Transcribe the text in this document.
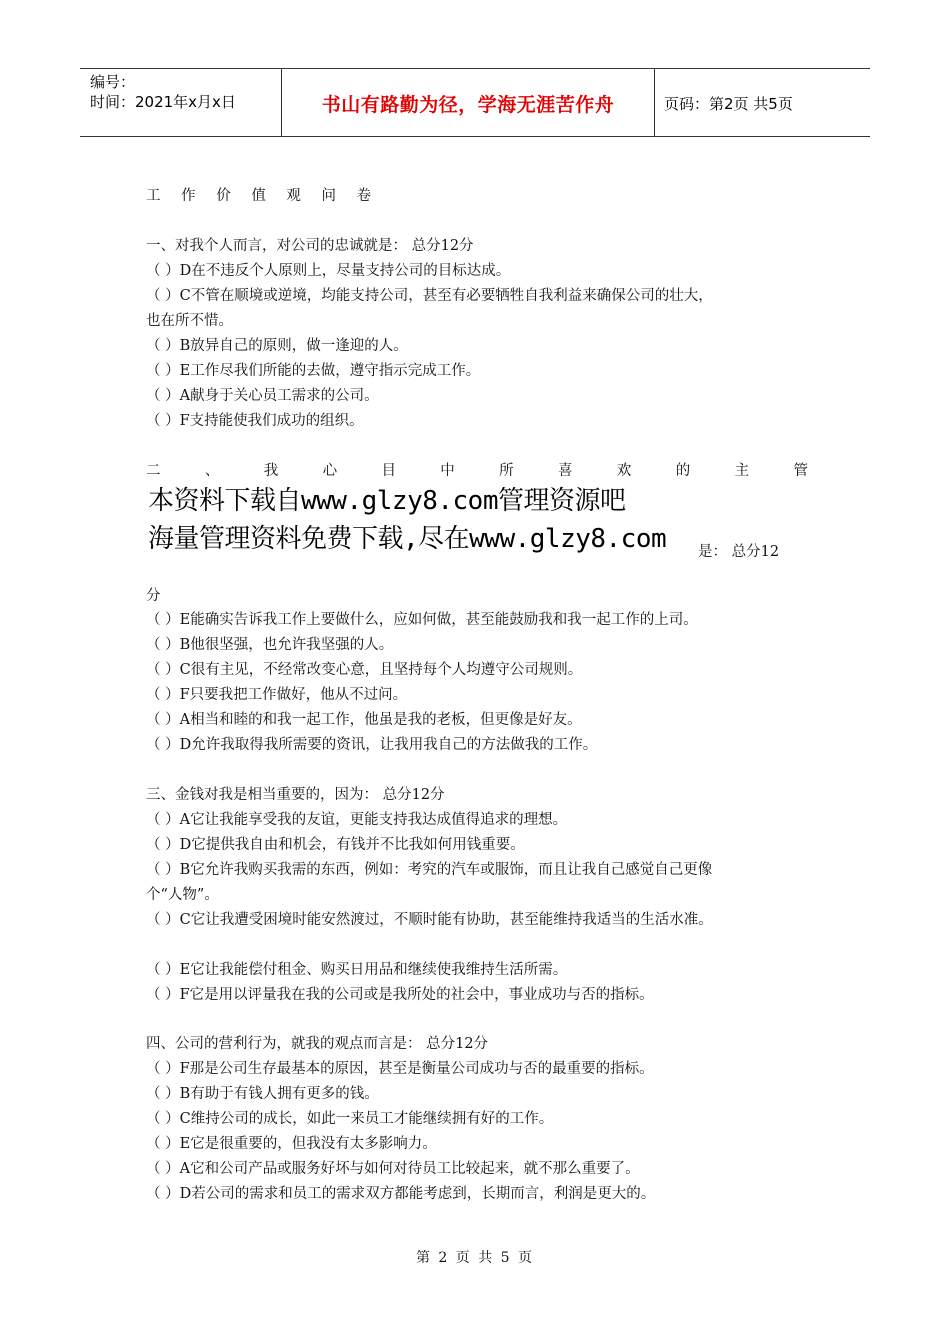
编号：
时间：2021年x月x日	书山有路勤为径，学海无涯苦作舟	页码：第2页 共5页
工 作 价 值 观 问 卷
一、对我个人而言，对公司的忠诚就是： 总分12分
（ ）D在不违反个人原则上，尽量支持公司的目标达成。
（ ）C不管在顺境或逆境，均能支持公司，甚至有必要牺牲自我利益来确保公司的壮大，
也在所不惜。
（ ）B放异自己的原则，做一逢迎的人。
（ ）E工作尽我们所能的去做，遵守指示完成工作。
（ ）A献身于关心员工需求的公司。
（ ）F支持能使我们成功的组织。
二	、	我	心	目	中	所	喜	欢	的	主	管
是： 总分12
分
（ ）E能确实告诉我工作上要做什么，应如何做，甚至能鼓励我和我一起工作的上司。
（ ）B他很坚强，也允许我坚强的人。
（ ）C很有主见，不经常改变心意，且坚持每个人均遵守公司规则。
（ ）F只要我把工作做好，他从不过问。
（ ）A相当和睦的和我一起工作，他虽是我的老板，但更像是好友。
（ ）D允许我取得我所需要的资讯，让我用我自己的方法做我的工作。
三、金钱对我是相当重要的，因为： 总分12分
（ ）A它让我能享受我的友谊，更能支持我达成值得追求的理想。
（ ）D它提供我自由和机会，有钱并不比我如何用钱重要。
（ ）B它允许我购买我需的东西，例如：考究的汽车或服饰，而且让我自己感觉自己更像
个“人物”。
（ ）C它让我遭受困境时能安然渡过，不顺时能有协助，甚至能维持我适当的生活水准。
（ ）E它让我能偿付租金、购买日用品和继续使我维持生活所需。
（ ）F它是用以评量我在我的公司或是我所处的社会中，事业成功与否的指标。
四、公司的营利行为，就我的观点而言是： 总分12分
（ ）F那是公司生存最基本的原因，甚至是衡量公司成功与否的最重要的指标。
（ ）B有助于有钱人拥有更多的钱。
（ ）C维持公司的成长，如此一来员工才能继续拥有好的工作。
（ ）E它是很重要的，但我没有太多影响力。
（ ）A它和公司产品或服务好坏与如何对待员工比较起来，就不那么重要了。
（ ）D若公司的需求和员工的需求双方都能考虑到，长期而言，利润是更大的。
本资料下载自www.glzy8.com管理资源吧
海量管理资料免费下载,尽在www.glzy8.com
第 2 页 共 5 页
